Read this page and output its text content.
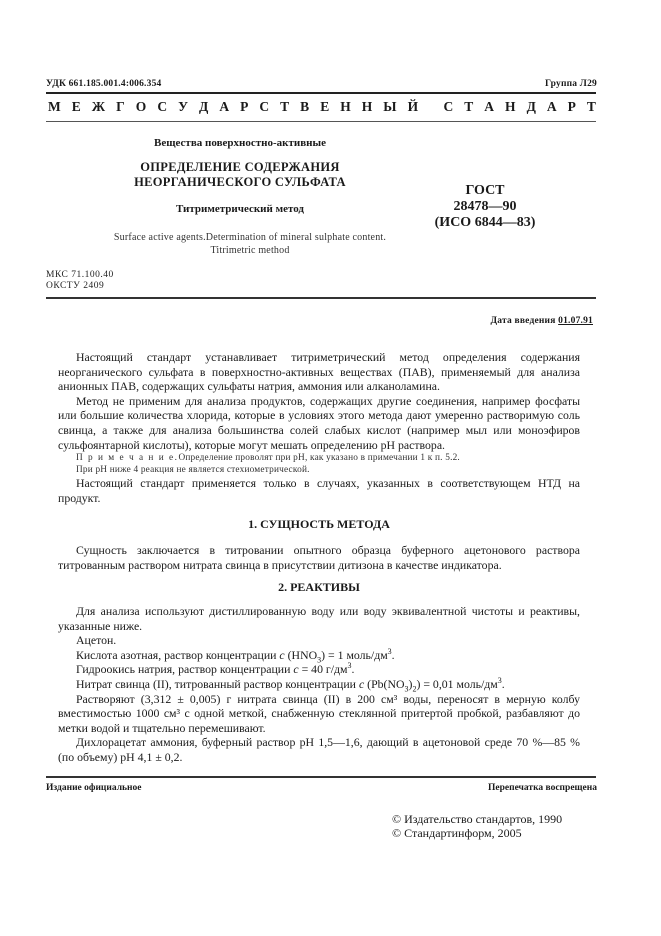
УДК 661.185.001.4:006.354	Группа Л29
М Е Ж Г О С У Д А Р С Т В Е Н Н Ы Й
С Т А Н Д А Р Т
Вещества поверхностно-активные
ОПРЕДЕЛЕНИЕ СОДЕРЖАНИЯ
НЕОРГАНИЧЕСКОГО СУЛЬФАТА
Титриметрический метод
ГОСТ
28478—90
(ИСО 6844—83)
Surface active agents.Determination of mineral sulphate content.
Titrimetric method
МКС 71.100.40
ОКСТУ 2409
Дата введения 01.07.91

Настоящий стандарт устанавливает титриметрический метод определения содержания неорганического сульфата в поверхностно-активных веществах (ПАВ), применяемый для анализа анионных ПАВ, содержащих сульфаты натрия, аммония или алканоламина.

Метод не применим для анализа продуктов, содержащих другие соединения, например фосфаты или большие количества хлорида, которые в условиях этого метода дают умеренно растворимую соль свинца, а также для анализа большинства солей слабых кислот (например мыл или моноэфиров сульфоянтарной кислоты), которые могут мешать определению pH раствора.

П р и м е ч а н и е.Определение проволят при pH, как указано в примечании 1 к п. 5.2.

При pH ниже 4 реакция не является стехиометрической.

Настоящий стандарт применяется только в случаях, указанных в соответствующем НТД на продукт.

1. СУЩНОСТЬ МЕТОДА

Сущность заключается в титровании опытного образца буферного ацетонового раствора титрованным раствором нитрата свинца в присутствии дитизона в качестве индикатора.

2. РЕАКТИВЫ

Для анализа используют дистиллированную воду или воду эквивалентной чистоты и реактивы, указанные ниже.

Ацетон.

Кислота азотная, раствор концентрации c $(HNO_3) = 1$ моль/$дм^3$.

Гидроокись натрия, раствор концентрации c = 40 $г/дм^3$.

Нитрат свинца (II), титрованный раствор концентрации c $(Pb(NO_3)_2) = 0,01$ моль/$дм^3$.

Растворяют (3,312 ± 0,005) г нитрата свинца (II) в 200 см³ воды, переносят в мерную колбу вместимостью 1000 см³ с одной меткой, снабженную стеклянной притертой пробкой, разбавляют до метки водой и тщательно перемешивают.

Дихлорацетат аммония, буферный раствор pH 1,5—1,6, дающий в ацетоновой среде 70 %—85 % (по объему) pH 4,1 ± 0,2.

Издание официальное	Перепечатка воспрещена
© Издательство стандартов, 1990
© Стандартинформ, 2005
